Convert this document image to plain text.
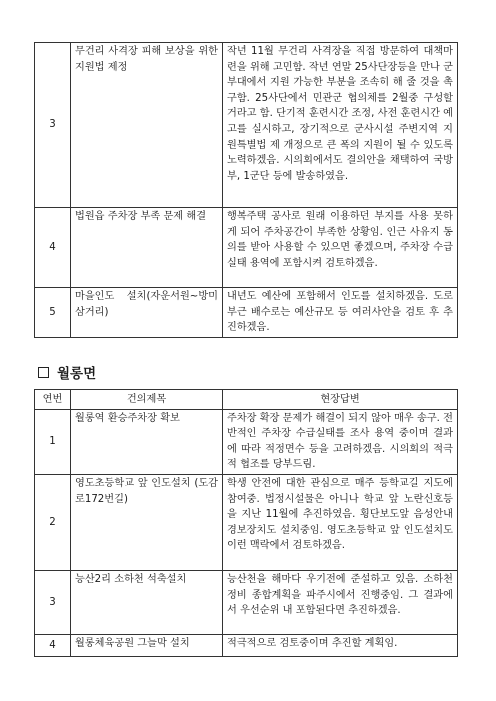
3	무건리 사격장 피해 보상을 위한 지원법 제정	작년 11월 무건리 사격장을 직접 방문하여 대책마련을 위해 고민함. 작년 연말 25사단장등을 만나 군부대에서 지원 가능한 부분을 조속히 해 줄 것을 촉구함. 25사단에서 민관군 협의체를 2월중 구성할 거라고 함. 단기적 훈련시간 조정, 사전 훈련시간 예고를 실시하고, 장기적으로 군사시설 주변지역 지원특별법 제 개정으로 큰 폭의 지원이 될 수 있도록 노력하겠음. 시의회에서도 결의안을 채택하여 국방부, 1군단 등에 발송하였음.
4	법원읍 주차장 부족 문제 해결	행복주택 공사로 원래 이용하던 부지를 사용 못하게 되어 주차공간이 부족한 상황임. 인근 사유지 동의를 받아 사용할 수 있으면 좋겠으며, 주차장 수급실태 용역에 포함시켜 검토하겠음.
5	마을인도 설치(자운서원~방미삼거리)	내년도 예산에 포함해서 인도를 설치하겠음. 도로부근 배수로는 예산규모 등 여러사안을 검토 후 추진하겠음.
월롱면
연번	건의제목	현장답변
1	월롱역 환승주차장 확보	주차장 확장 문제가 해결이 되지 않아 매우 송구. 전반적인 주차장 수급실태를 조사 용역 중이며 결과에 따라 적정면수 등을 고려하겠음. 시의회의 적극적 협조를 당부드림.
2	영도초등학교 앞 인도설치 (도감로172번길)	학생 안전에 대한 관심으로 매주 등학교길 지도에 참여중. 법정시설물은 아니나 학교 앞 노란신호등을 지난 11월에 추진하였음. 횡단보도앞 음성안내경보장치도 설치중임. 영도초등학교 앞 인도설치도 이런 맥락에서 검토하겠음.
3	능산2리 소하천 석축설치	능산천을 해마다 우기전에 준설하고 있음. 소하천 정비 종합계획을 파주시에서 진행중임. 그 결과에서 우선순위 내 포함된다면 추진하겠음.
4	월롱체육공원 그늘막 설치	적극적으로 검토중이며 추진할 계획임.
